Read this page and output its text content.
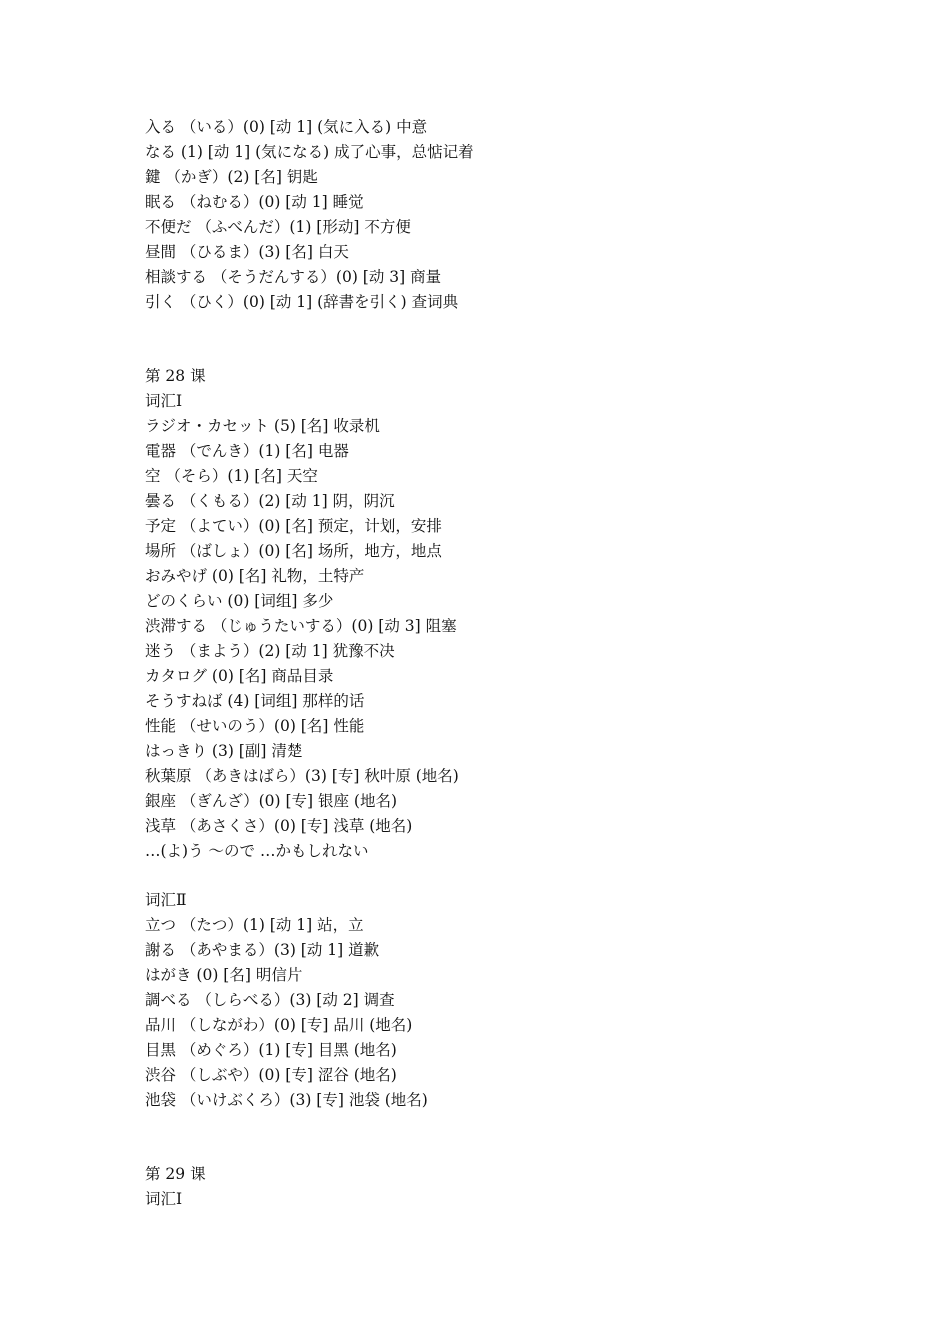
入る （いる）(0) [动 1] (気に入る) 中意
なる (1) [动 1] (気になる) 成了心事，总惦记着
鍵 （かぎ）(2) [名] 钥匙
眠る （ねむる）(0) [动 1] 睡觉
不便だ （ふべんだ）(1) [形动] 不方便
昼間 （ひるま）(3) [名] 白天
相談する （そうだんする）(0) [动 3] 商量
引く （ひく）(0) [动 1] (辞書を引く) 查词典
第 28 课
词汇Ⅰ
ラジオ・カセット (5) [名] 收录机
電器 （でんき）(1) [名] 电器
空 （そら）(1) [名] 天空
曇る （くもる）(2) [动 1] 阴，阴沉
予定 （よてい）(0) [名] 预定，计划，安排
場所 （ばしょ）(0) [名] 场所，地方，地点
おみやげ (0) [名] 礼物，土特产
どのくらい (0) [词组] 多少
渋滞する （じゅうたいする）(0) [动 3] 阻塞
迷う （まよう）(2) [动 1] 犹豫不决
カタログ (0) [名] 商品目录
そうすねば (4) [词组] 那样的话
性能 （せいのう）(0) [名] 性能
はっきり (3) [副] 清楚
秋葉原 （あきはばら）(3) [专] 秋叶原 (地名)
銀座 （ぎんざ）(0) [专] 银座 (地名)
浅草 （あさくさ）(0) [专] 浅草 (地名)
…(よ)う ～ので …かもしれない
词汇Ⅱ
立つ （たつ）(1) [动 1] 站，立
謝る （あやまる）(3) [动 1] 道歉
はがき (0) [名] 明信片
調べる （しらべる）(3) [动 2] 调查
品川 （しながわ）(0) [专] 品川 (地名)
目黒 （めぐろ）(1) [专] 目黑 (地名)
渋谷 （しぶや）(0) [专] 涩谷 (地名)
池袋 （いけぶくろ）(3) [专] 池袋 (地名)
第 29 课
词汇Ⅰ
